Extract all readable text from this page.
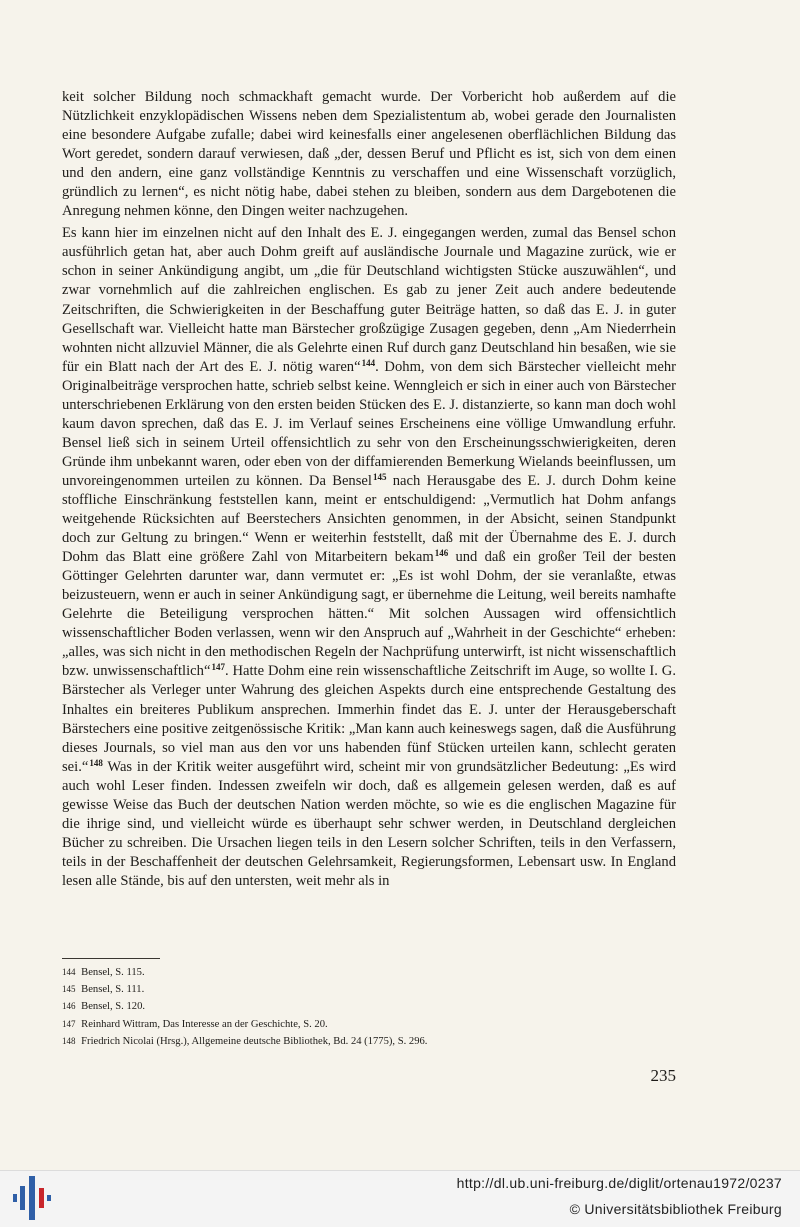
keit solcher Bildung noch schmackhaft gemacht wurde. Der Vorbericht hob außerdem auf die Nützlichkeit enzyklopädischen Wissens neben dem Spezialistentum ab, wobei gerade den Journalisten eine besondere Aufgabe zufalle; dabei wird keinesfalls einer angelesenen oberflächlichen Bildung das Wort geredet, sondern darauf verwiesen, daß „der, dessen Beruf und Pflicht es ist, sich von dem einen und den andern, eine ganz vollständige Kenntnis zu verschaffen und eine Wissenschaft vorzüglich, gründlich zu lernen“, es nicht nötig habe, dabei stehen zu bleiben, sondern aus dem Dargebotenen die Anregung nehmen könne, den Dingen weiter nachzugehen.

Es kann hier im einzelnen nicht auf den Inhalt des E. J. eingegangen werden, zumal das Bensel schon ausführlich getan hat, aber auch Dohm greift auf ausländische Journale und Magazine zurück, wie er schon in seiner Ankündigung angibt, um „die für Deutschland wichtigsten Stücke auszuwählen“, und zwar vornehmlich auf die zahlreichen englischen. Es gab zu jener Zeit auch andere bedeutende Zeitschriften, die Schwierigkeiten in der Beschaffung guter Beiträge hatten, so daß das E. J. in guter Gesellschaft war. Vielleicht hatte man Bärstecher großzügige Zusagen gegeben, denn „Am Niederrhein wohnten nicht allzuviel Männer, die als Gelehrte einen Ruf durch ganz Deutschland hin besaßen, wie sie für ein Blatt nach der Art des E. J. nötig waren“$^{144}$. Dohm, von dem sich Bärstecher vielleicht mehr Originalbeiträge versprochen hatte, schrieb selbst keine. Wenngleich er sich in einer auch von Bärstecher unterschriebenen Erklärung von den ersten beiden Stücken des E. J. distanzierte, so kann man doch wohl kaum davon sprechen, daß das E. J. im Verlauf seines Erscheinens eine völlige Umwandlung erfuhr. Bensel ließ sich in seinem Urteil offensichtlich zu sehr von den Erscheinungsschwierigkeiten, deren Gründe ihm unbekannt waren, oder eben von der diffamierenden Bemerkung Wielands beeinflussen, um unvoreingenommen urteilen zu können. Da Bensel$^{145}$ nach Herausgabe des E. J. durch Dohm keine stoffliche Einschränkung feststellen kann, meint er entschuldigend: „Vermutlich hat Dohm anfangs weitgehende Rücksichten auf Beerstechers Ansichten genommen, in der Absicht, seinen Standpunkt doch zur Geltung zu bringen.“ Wenn er weiterhin feststellt, daß mit der Übernahme des E. J. durch Dohm das Blatt eine größere Zahl von Mitarbeitern bekam$^{146}$ und daß ein großer Teil der besten Göttinger Gelehrten darunter war, dann vermutet er: „Es ist wohl Dohm, der sie veranlaßte, etwas beizusteuern, wenn er auch in seiner Ankündigung sagt, er übernehme die Leitung, weil bereits namhafte Gelehrte die Beteiligung versprochen hätten.“ Mit solchen Aussagen wird offensichtlich wissenschaftlicher Boden verlassen, wenn wir den Anspruch auf „Wahrheit in der Geschichte“ erheben: „alles, was sich nicht in den methodischen Regeln der Nachprüfung unterwirft, ist nicht wissenschaftlich bzw. unwissenschaftlich“$^{147}$. Hatte Dohm eine rein wissenschaftliche Zeitschrift im Auge, so wollte I. G. Bärstecher als Verleger unter Wahrung des gleichen Aspekts durch eine entsprechende Gestaltung des Inhaltes ein breiteres Publikum ansprechen. Immerhin findet das E. J. unter der Herausgeberschaft Bärstechers eine positive zeitgenössische Kritik: „Man kann auch keineswegs sagen, daß die Ausführung dieses Journals, so viel man aus den vor uns habenden fünf Stücken urteilen kann, schlecht geraten sei.“$^{148}$ Was in der Kritik weiter ausgeführt wird, scheint mir von grundsätzlicher Bedeutung: „Es wird auch wohl Leser finden. Indessen zweifeln wir doch, daß es allgemein gelesen werden, daß es auf gewisse Weise das Buch der deutschen Nation werden möchte, so wie es die englischen Magazine für die ihrige sind, und vielleicht würde es überhaupt sehr schwer werden, in Deutschland dergleichen Bücher zu schreiben. Die Ursachen liegen teils in den Lesern solcher Schriften, teils in den Verfassern, teils in der Beschaffenheit der deutschen Gelehrsamkeit, Regierungsformen, Lebensart usw. In England lesen alle Stände, bis auf den untersten, weit mehr als in

144 Bensel, S. 115.
145 Bensel, S. 111.
146 Bensel, S. 120.
147 Reinhard Wittram, Das Interesse an der Geschichte, S. 20.
148 Friedrich Nicolai (Hrsg.), Allgemeine deutsche Bibliothek, Bd. 24 (1775), S. 296.
235
http://dl.ub.uni-freiburg.de/diglit/ortenau1972/0237
© Universitätsbibliothek Freiburg
